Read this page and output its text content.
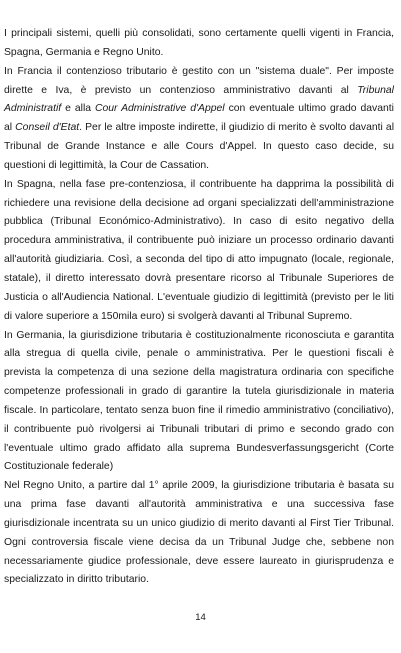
I principali sistemi, quelli più consolidati, sono certamente quelli vigenti in Francia, Spagna, Germania e Regno Unito.

In Francia il contenzioso tributario è gestito con un "sistema duale". Per imposte dirette e Iva, è previsto un contenzioso amministrativo davanti al Tribunal Administratif e alla Cour Administrative d'Appel con eventuale ultimo grado davanti al Conseil d'Etat. Per le altre imposte indirette, il giudizio di merito è svolto davanti al Tribunal de Grande Instance e alle Cours d'Appel. In questo caso decide, su questioni di legittimità, la Cour de Cassation.

In Spagna, nella fase pre-contenziosa, il contribuente ha dapprima la possibilità di richiedere una revisione della decisione ad organi specializzati dell'amministrazione pubblica (Tribunal Económico-Administrativo). In caso di esito negativo della procedura amministrativa, il contribuente può iniziare un processo ordinario davanti all'autorità giudiziaria. Così, a seconda del tipo di atto impugnato (locale, regionale, statale), il diretto interessato dovrà presentare ricorso al Tribunale Superiores de Justicia o all'Audiencia National. L'eventuale giudizio di legittimità (previsto per le liti di valore superiore a 150mila euro) si svolgerà davanti al Tribunal Supremo.

In Germania, la giurisdizione tributaria è costituzionalmente riconosciuta e garantita alla stregua di quella civile, penale o amministrativa. Per le questioni fiscali è prevista la competenza di una sezione della magistratura ordinaria con specifiche competenze professionali in grado di garantire la tutela giurisdizionale in materia fiscale. In particolare, tentato senza buon fine il rimedio amministrativo (conciliativo), il contribuente può rivolgersi ai Tribunali tributari di primo e secondo grado con l'eventuale ultimo grado affidato alla suprema Bundesverfassungsgericht (Corte Costituzionale federale)

Nel Regno Unito, a partire dal 1° aprile 2009, la giurisdizione tributaria è basata su una prima fase davanti all'autorità amministrativa e una successiva fase giurisdizionale incentrata su un unico giudizio di merito davanti al First Tier Tribunal. Ogni controversia fiscale viene decisa da un Tribunal Judge che, sebbene non necessariamente giudice professionale, deve essere laureato in giurisprudenza e specializzato in diritto tributario.

14
